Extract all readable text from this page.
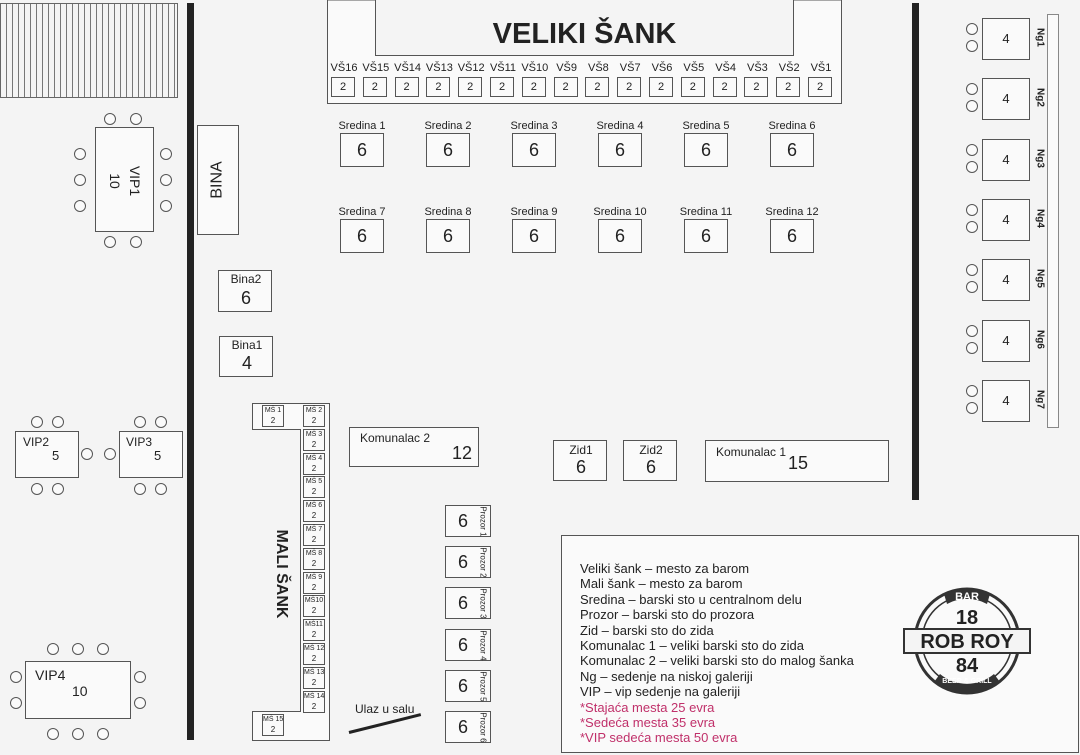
VELIKI ŠANK
VŠ16
2
VŠ15
2
VŠ14
2
VŠ13
2
VŠ12
2
VŠ11
2
VŠ10
2
VŠ9
2
VŠ8
2
VŠ7
2
VŠ6
2
VŠ5
2
VŠ4
2
VŠ3
2
VŠ2
2
VŠ1
2
Sredina 1
6
Sredina 2
6
Sredina 3
6
Sredina 4
6
Sredina 5
6
Sredina 6
6
Sredina 7
6
Sredina 8
6
Sredina 9
6
Sredina 10
6
Sredina 11
6
Sredina 12
6
BINA
Bina2
6
Bina1
4
VIP1
10
VIP2
5
VIP3
5
VIP4
10
MALI ŠANK
MŠ 1
2
MŠ 2
2
MŠ 3
2
MŠ 4
2
MŠ 5
2
MŠ 6
2
MŠ 7
2
MŠ 8
2
MŠ 9
2
MŠ10
2
MŠ11
2
MŠ 12
2
MŠ 13
2
MŠ 14
2
MŠ 15
2
Komunalac 2
12	Zid1
6
Zid2
6
Komunalac 1
15
6 Prozor 1
6 Prozor 2
6 Prozor 3
6 Prozor 4
6 Prozor 5
6 Prozor 6
Ulaz u salu
4	Ng1
4	Ng2
4	Ng3
4	Ng4
4	Ng5
4	Ng6
4	Ng7
Veliki šank – mesto za barom
Mali šank – mesto za barom
Sredina – barski sto u centralnom delu
Prozor – barski sto do prozora
Zid – barski sto do zida
Komunalac 1 – veliki barski sto do zida
Komunalac 2 – veliki barski sto do malog šanka
Ng – sedenje na niskoj galeriji
VIP – vip sedenje na galeriji
*Stajaća mesta 25 evra
*Sedeća mesta 35 evra
*VIP sedeća mesta 50 evra
BAR
18
ROB ROY
84
BEER & GRILL
